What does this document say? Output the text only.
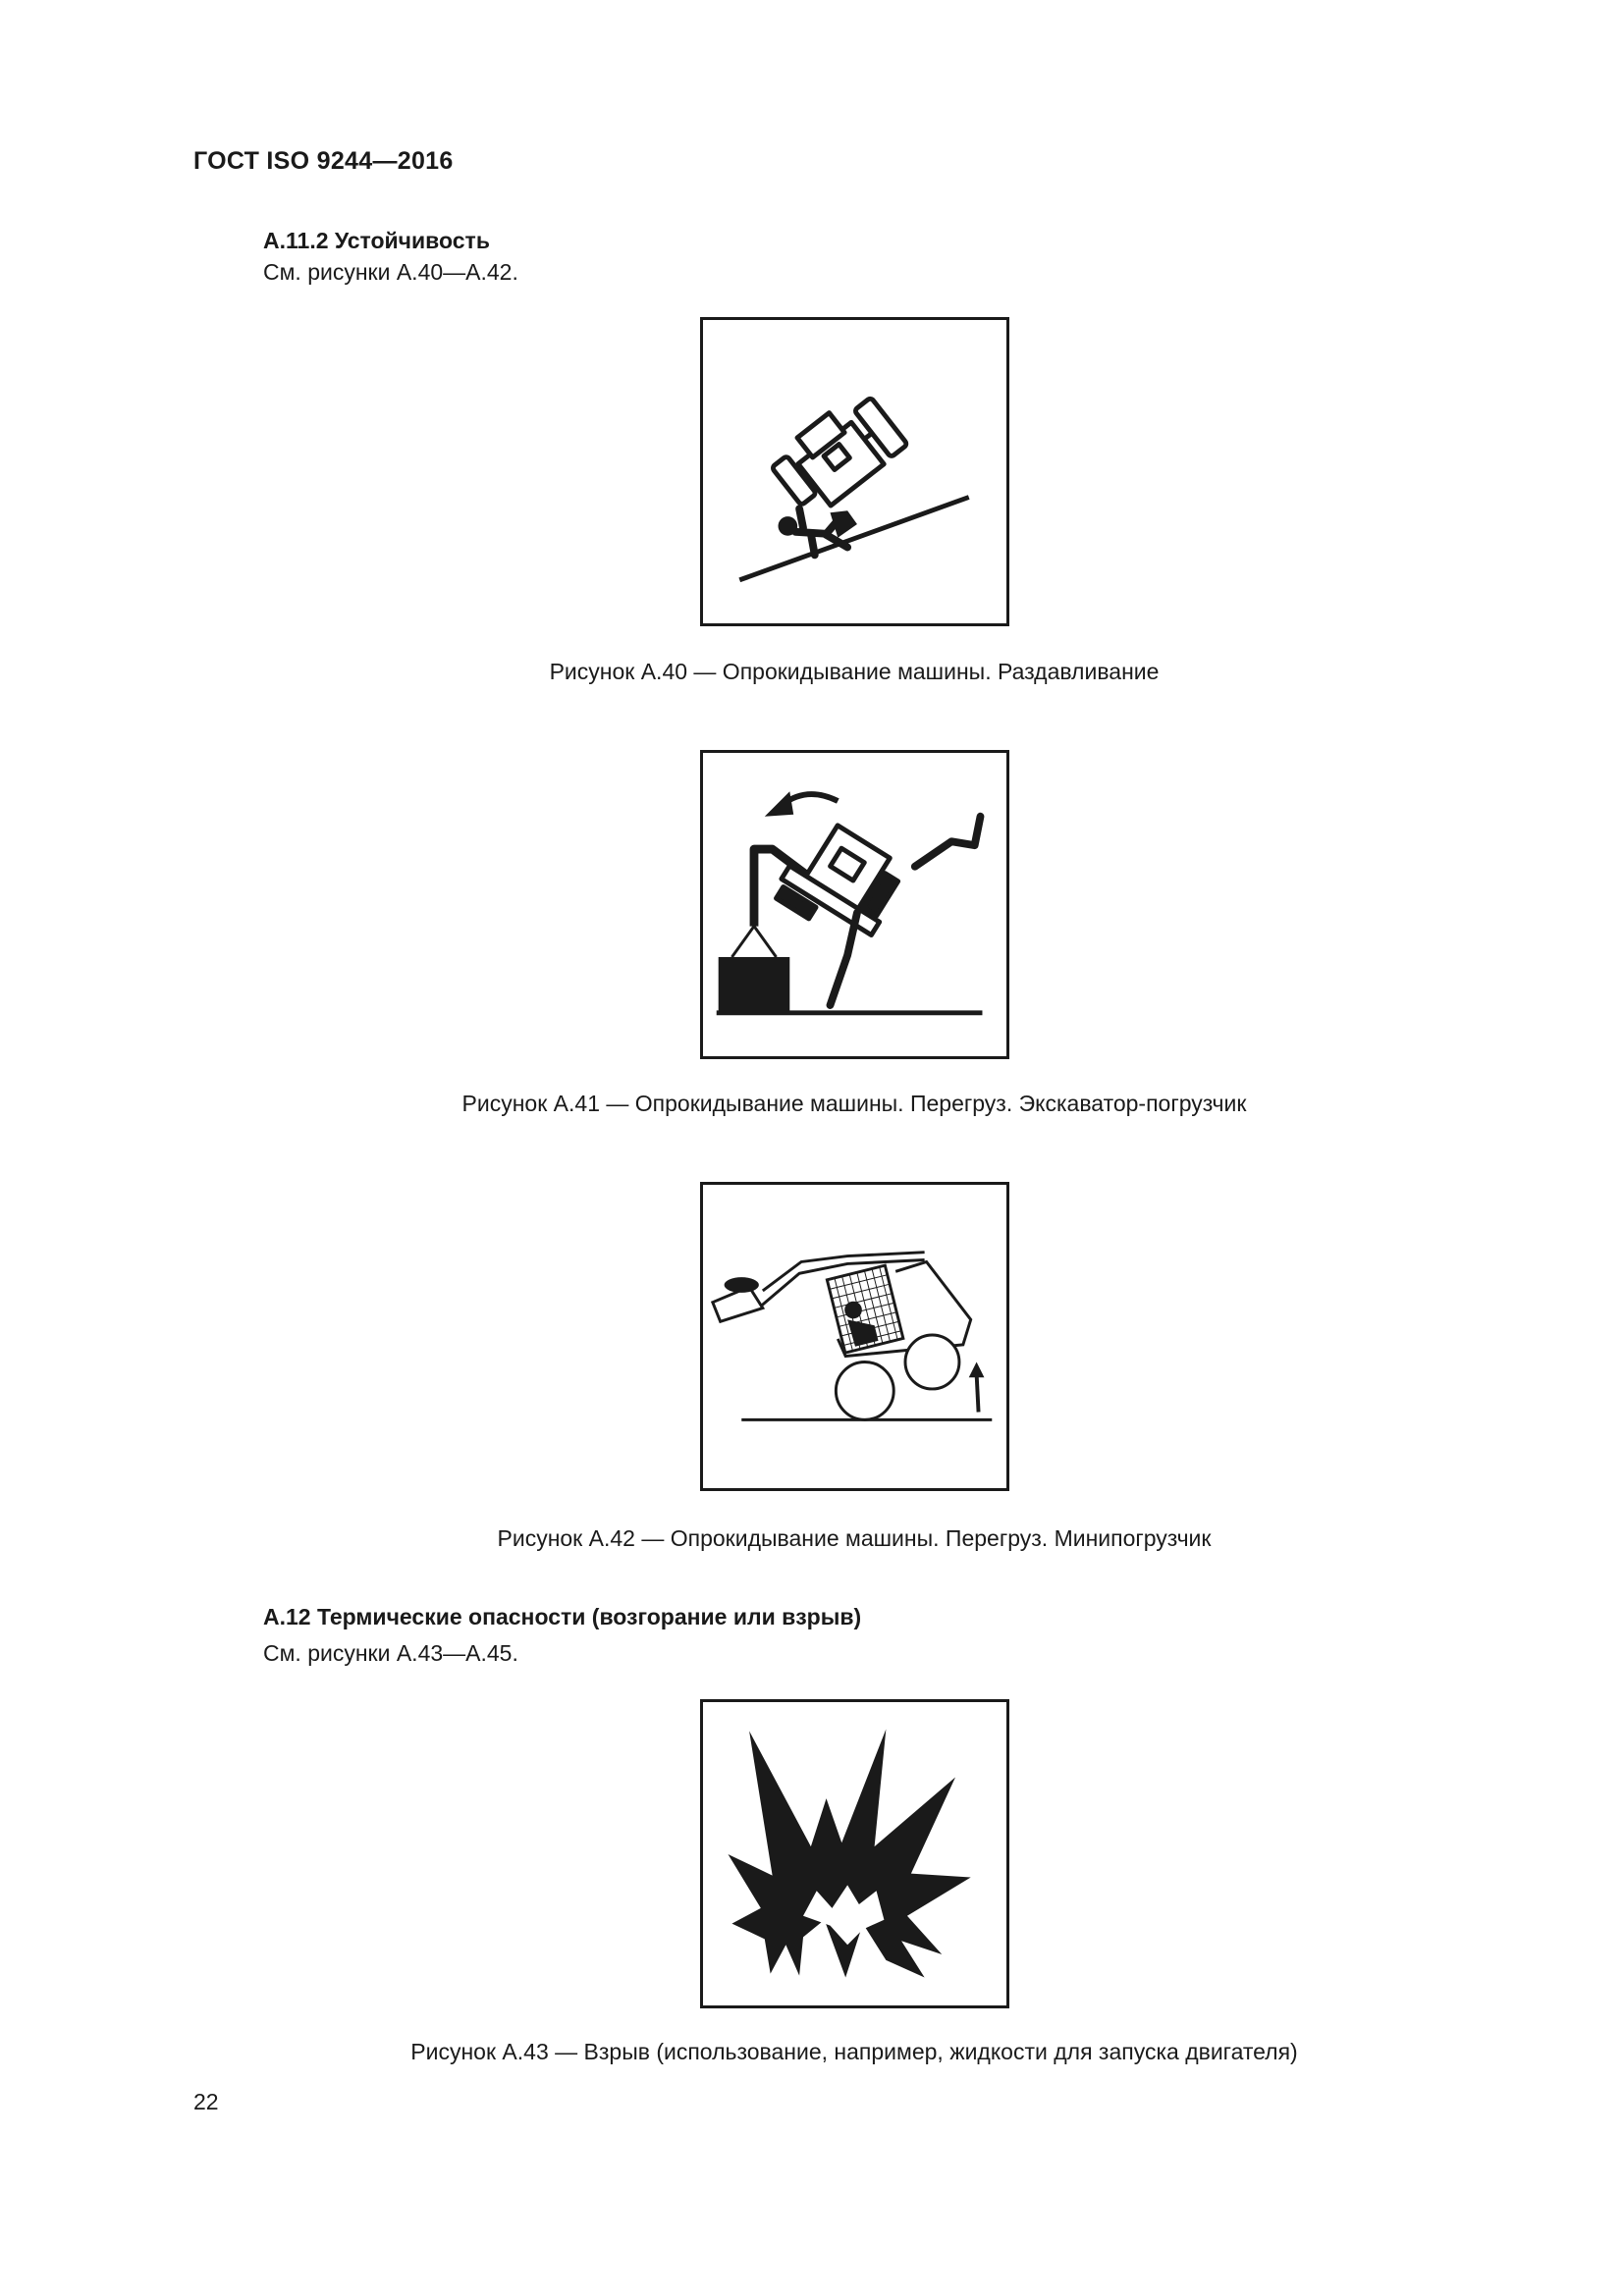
ГОСТ ISO 9244—2016
А.11.2 Устойчивость
См. рисунки А.40—А.42.
Рисунок А.40 — Опрокидывание машины. Раздавливание
Рисунок А.41 — Опрокидывание машины. Перегруз. Экскаватор-погрузчик
Рисунок А.42 — Опрокидывание машины. Перегруз. Минипогрузчик
А.12 Термические опасности (возгорание или взрыв)
См. рисунки А.43—А.45.
Рисунок А.43 — Взрыв (использование, например, жидкости для запуска двигателя)
22
